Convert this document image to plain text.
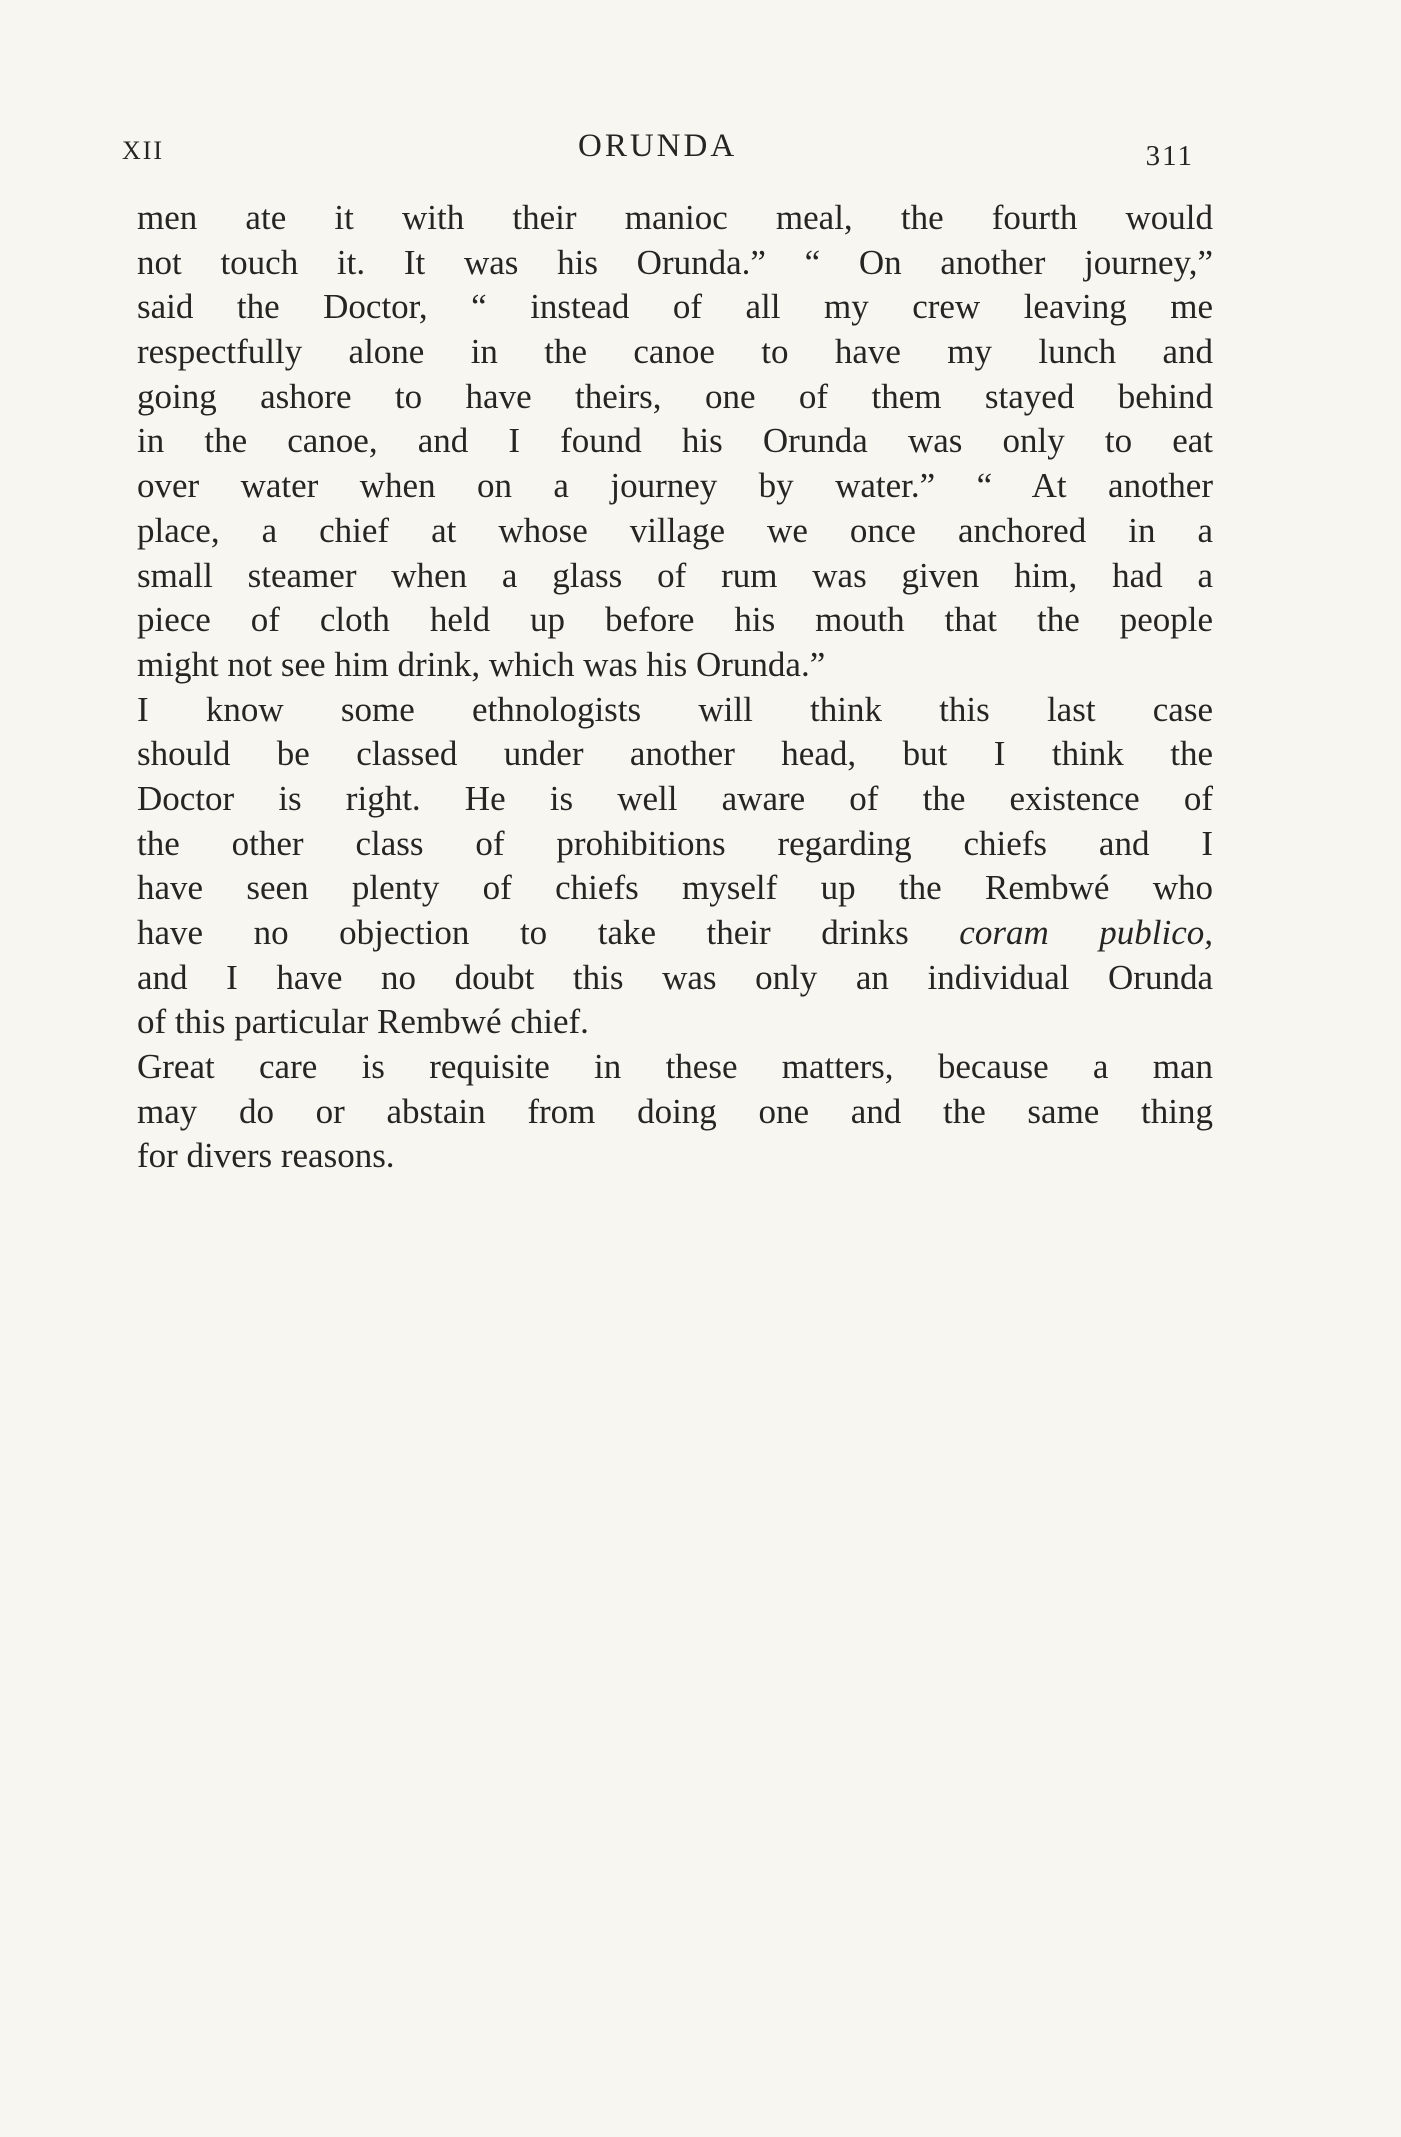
XII	ORUNDA	311
men ate it with their manioc meal, the fourth would
not touch it. It was his Orunda.” “ On another journey,”
said the Doctor, “ instead of all my crew leaving me
respectfully alone in the canoe to have my lunch and
going ashore to have theirs, one of them stayed behind
in the canoe, and I found his Orunda was only to eat
over water when on a journey by water.” “ At another
place, a chief at whose village we once anchored in a
small steamer when a glass of rum was given him, had a
piece of cloth held up before his mouth that the people
might not see him drink, which was his Orunda.”
I know some ethnologists will think this last case
should be classed under another head, but I think the
Doctor is right. He is well aware of the existence of
the other class of prohibitions regarding chiefs and I
have seen plenty of chiefs myself up the Rembwé who
have no objection to take their drinks coram publico,
and I have no doubt this was only an individual Orunda
of this particular Rembwé chief.
Great care is requisite in these matters, because a man
may do or abstain from doing one and the same thing
for divers reasons.
